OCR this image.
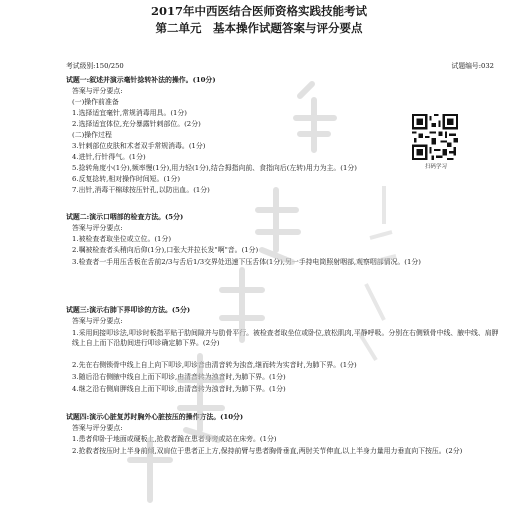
2017年中西医结合医师资格实践技能考试
第二单元　基本操作试题答案与评分要点
考试级别:150/250	试题编号:032
扫码学习
试题一:叙述并演示毫针捻转补法的操作。(10分)
答案与评分要点:
(一)操作前准备
1.选择适宜毫针,常规消毒用具。(1分)
2.选择适宜体位,充分暴露针刺部位。(2分)
(二)操作过程
3.针刺部位皮肤和术者双手常规消毒。(1分)
4.进针,行针得气。(1分)
5.捻转角度小(1分),频率慢(1分),用力轻(1分),结合拇指向前、食指向后(左转)用力为主。(1分)
6.反复捻转,相对操作时间短。(1分)
7.出针,消毒干棉球按压针孔,以防出血。(1分)
试题二:演示口咽部的检查方法。(5分)
答案与评分要点:
1.被检查者取坐位或立位。(1分)
2.嘱被检查者头稍向后仰(1分),口张大并拉长发"啊"音。(1分)
3.检查者一手用压舌板在舌前2/3与舌后1/3交界处迅速下压舌体(1分),另一手持电筒照射咽部,观察咽部情况。(1分)
试题三:演示右肺下界叩诊的方法。(5分)
答案与评分要点:
1.采用间接叩诊法,叩诊时板指平贴于肋间隙并与肋骨平行。被检查者取坐位或卧位,放松肌肉,平静呼吸。分别在右侧锁骨中线、腋中线、肩胛线上自上而下沿肋间进行叩诊确定肺下界。(2分)
2.先在右侧锁骨中线上自上向下叩诊,叩诊音由清音转为浊音,继而转为实音时,为肺下界。(1分)
3.随后沿右侧腋中线自上而下叩诊,由清音转为浊音时,为肺下界。(1分)
4.继之沿右侧肩胛线自上而下叩诊,由清音转为浊音时,为肺下界。(1分)
试题四:演示心脏复苏时胸外心脏按压的操作方法。(10分)
答案与评分要点:
1.患者仰卧于地面或硬板上,抢救者跪在患者身旁或站在床旁。(1分)
2.抢救者按压时上半身前倾,双肩位于患者正上方,保持前臂与患者胸骨垂直,两肘关节伸直,以上半身力量用力垂直向下按压。(2分)
